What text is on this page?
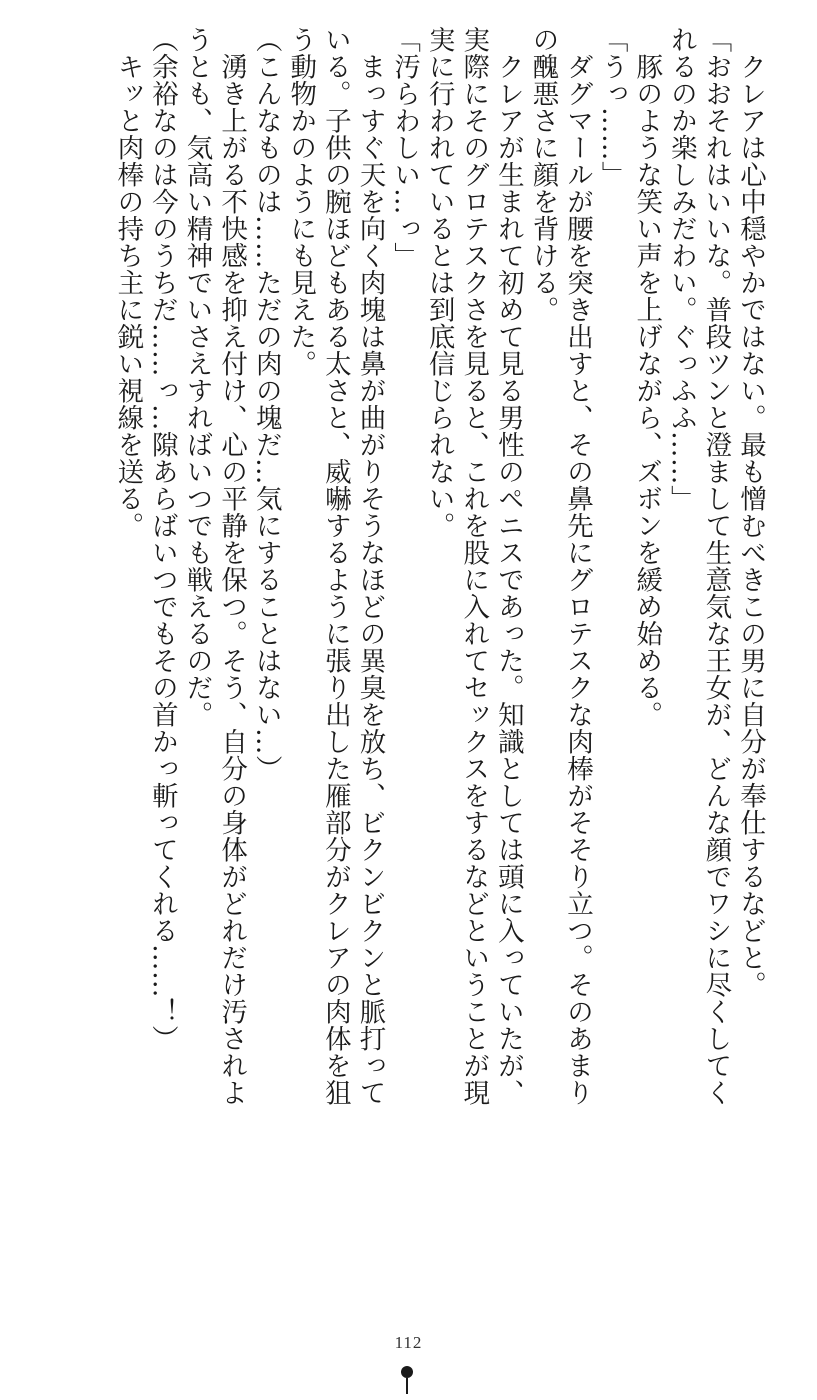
　クレアは心中穏やかではない。最も憎むべきこの男に自分が奉仕するなどと。
「おおそれはいいな。普段ツンと澄まして生意気な王女が、どんな顔でワシに尽くしてく
れるのか楽しみだわい。ぐっふふ……」
　豚のような笑い声を上げながら、ズボンを緩め始める。
「うっ……」
　ダグマールが腰を突き出すと、その鼻先にグロテスクな肉棒がそそり立つ。そのあまり
の醜悪さに顔を背ける。
　クレアが生まれて初めて見る男性のペニスであった。知識としては頭に入っていたが、
実際にそのグロテスクさを見ると、これを股に入れてセックスをするなどということが現
実に行われているとは到底信じられない。
「汚らわしい…っ」
　まっすぐ天を向く肉塊は鼻が曲がりそうなほどの異臭を放ち、ビクンビクンと脈打って
いる。子供の腕ほどもある太さと、威嚇するように張り出した雁部分がクレアの肉体を狙
う動物かのようにも見えた。
（こんなものは……ただの肉の塊だ…気にすることはない…）
　湧き上がる不快感を抑え付け、心の平静を保つ。そう、自分の身体がどれだけ汚されよ
うとも、気高い精神でいさえすればいつでも戦えるのだ。
（余裕なのは今のうちだ……っ…隙あらばいつでもその首かっ斬ってくれる……！）
　キッと肉棒の持ち主に鋭い視線を送る。
112
